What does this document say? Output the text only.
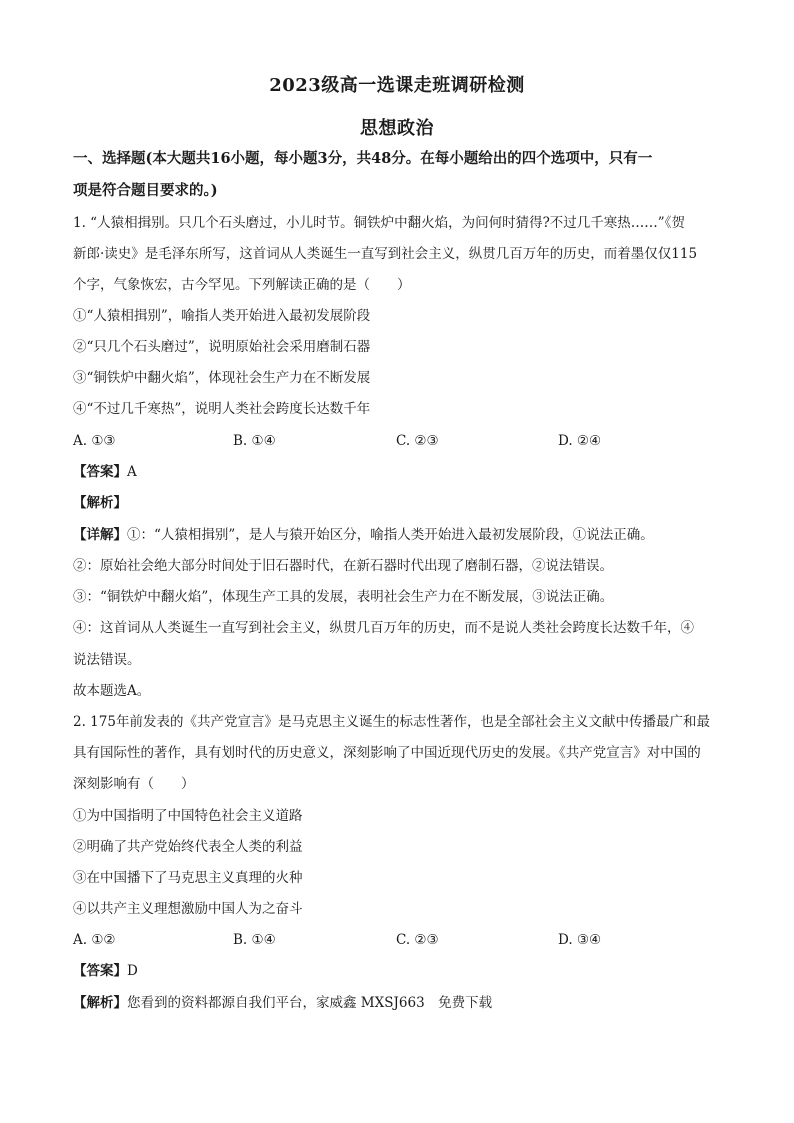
2023级高一选课走班调研检测
思想政治
一、选择题(本大题共16小题，每小题3分，共48分。在每小题给出的四个选项中，只有一
项是符合题目要求的。)
1. “人猿相揖别。只几个石头磨过，小儿时节。铜铁炉中翻火焰，为问何时猜得?不过几千寒热……”《贺
新郎·读史》是毛泽东所写，这首词从人类诞生一直写到社会主义，纵贯几百万年的历史，而着墨仅仅115
个字，气象恢宏，古今罕见。下列解读正确的是（　　）
①“人猿相揖别”，喻指人类开始进入最初发展阶段
②“只几个石头磨过”，说明原始社会采用磨制石器
③“铜铁炉中翻火焰”，体现社会生产力在不断发展
④“不过几千寒热”，说明人类社会跨度长达数千年
A. ①③	B. ①④	C. ②③	D. ②④
【答案】A
【解析】
【详解】①：“人猿相揖别”，是人与猿开始区分，喻指人类开始进入最初发展阶段，①说法正确。
②：原始社会绝大部分时间处于旧石器时代，在新石器时代出现了磨制石器，②说法错误。
③：“铜铁炉中翻火焰”，体现生产工具的发展，表明社会生产力在不断发展，③说法正确。
④：这首词从人类诞生一直写到社会主义，纵贯几百万年的历史，而不是说人类社会跨度长达数千年，④
说法错误。
故本题选A。
2. 175年前发表的《共产党宣言》是马克思主义诞生的标志性著作，也是全部社会主义文献中传播最广和最
具有国际性的著作，具有划时代的历史意义，深刻影响了中国近现代历史的发展。《共产党宣言》对中国的
深刻影响有（　　）
①为中国指明了中国特色社会主义道路
②明确了共产党始终代表全人类的利益
③在中国播下了马克思主义真理的火种
④以共产主义理想激励中国人为之奋斗
A. ①②	B. ①④	C. ②③	D. ③④
【答案】D
【解析】您看到的资料都源自我们平台，家威鑫 MXSJ663　免费下载
